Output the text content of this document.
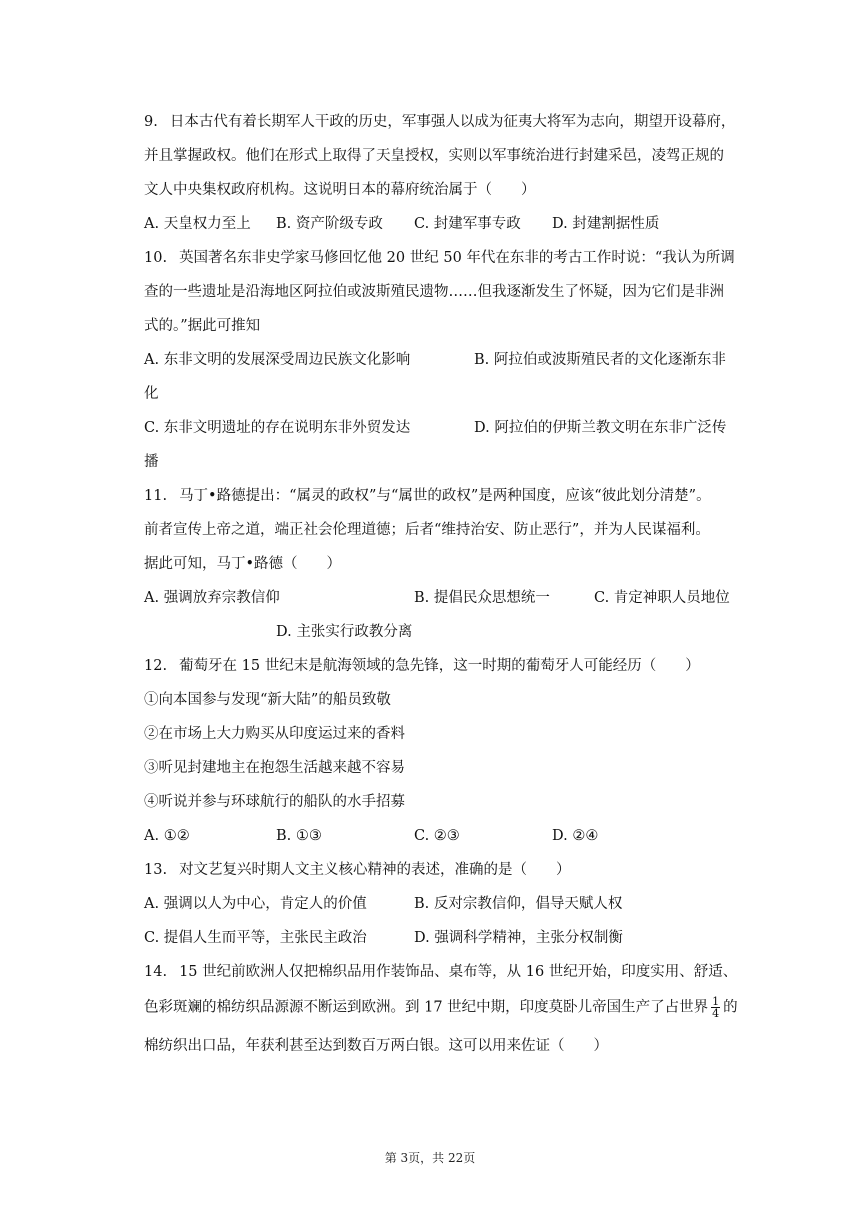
9. 日本古代有着长期军人干政的历史，军事强人以成为征夷大将军为志向，期望开设幕府，
并且掌握政权。他们在形式上取得了天皇授权，实则以军事统治进行封建采邑，凌驾正规的
文人中央集权政府机构。这说明日本的幕府统治属于（　　）
A. 天皇权力至上 B. 资产阶级专政 C. 封建军事专政 D. 封建割据性质
10. 英国著名东非史学家马修回忆他 20 世纪 50 年代在东非的考古工作时说：“我认为所调
查的一些遗址是沿海地区阿拉伯或波斯殖民遗物……但我逐渐发生了怀疑，因为它们是非洲
式的。”据此可推知
A. 东非文明的发展深受周边民族文化影响	B. 阿拉伯或波斯殖民者的文化逐渐东非
化
C. 东非文明遗址的存在说明东非外贸发达	D. 阿拉伯的伊斯兰教文明在东非广泛传
播
11. 马丁•路德提出：“属灵的政权”与“属世的政权”是两种国度，应该“彼此划分清楚”。
前者宣传上帝之道，端正社会伦理道德；后者“维持治安、防止恶行”，并为人民谋福利。
据此可知，马丁•路德（　　）
A. 强调放弃宗教信仰	B. 提倡民众思想统一	C. 肯定神职人员地位
D. 主张实行政教分离
12. 葡萄牙在 15 世纪末是航海领域的急先锋，这一时期的葡萄牙人可能经历（　　）
①向本国参与发现“新大陆”的船员致敬
②在市场上大力购买从印度运过来的香料
③听见封建地主在抱怨生活越来越不容易
④听说并参与环球航行的船队的水手招募
A. ①②	B. ①③	C. ②③	D. ②④
13. 对文艺复兴时期人文主义核心精神的表述，准确的是（　　）
A. 强调以人为中心，肯定人的价值	B. 反对宗教信仰，倡导天赋人权
C. 提倡人生而平等，主张民主政治	D. 强调科学精神，主张分权制衡
14. 15 世纪前欧洲人仅把棉织品用作装饰品、桌布等，从 16 世纪开始，印度实用、舒适、
色彩斑斓的棉纺织品源源不断运到欧洲。到 17 世纪中期，印度莫卧儿帝国生产了占世界 $\frac{1}{4}$ 的
棉纺织出口品，年获利甚至达到数百万两白银。这可以用来佐证（　　）
第 3页，共 22页
